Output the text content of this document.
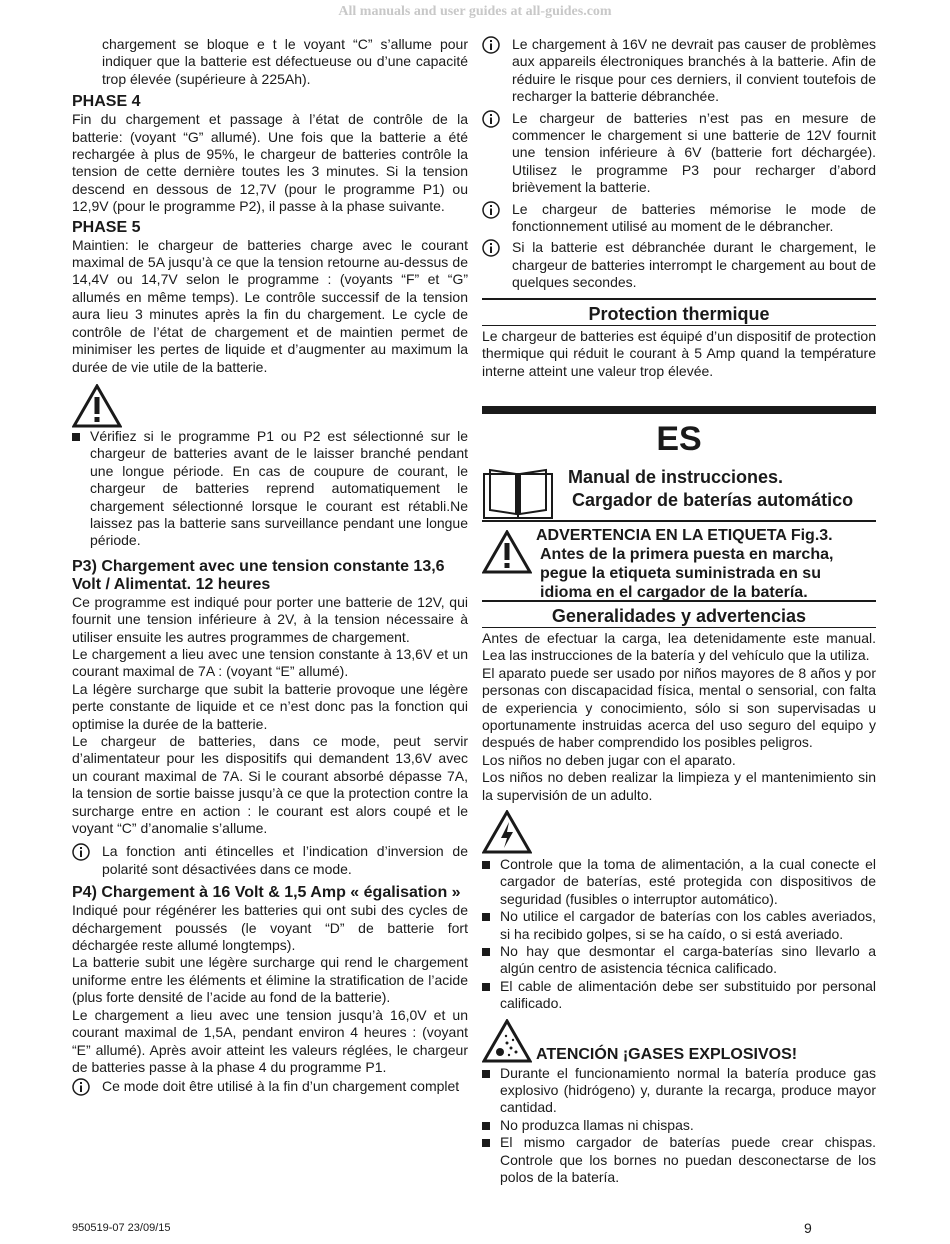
All manuals and user guides at all-guides.com

chargement se bloque e t le voyant “C” s’allume pour indiquer que la batterie est défectueuse ou d’une capacité trop élevée (supérieure à 225Ah).

PHASE 4

Fin du chargement et passage à l’état de contrôle de la batterie: (voyant “G” allumé). Une fois que la batterie a été rechargée à plus de 95%, le chargeur de batteries contrôle la tension de cette dernière toutes les 3 minutes. Si la tension descend en dessous de 12,7V (pour le programme P1) ou 12,9V (pour le programme P2), il passe à la phase suivante.

PHASE 5

Maintien: le chargeur de batteries charge avec le courant maximal de 5A jusqu’à ce que la tension retourne au-dessus de 14,4V ou 14,7V selon le programme : (voyants “F” et “G” allumés en même temps). Le contrôle successif de la tension aura lieu 3 minutes après la fin du chargement. Le cycle de contrôle de l’état de chargement et de maintien permet de minimiser les pertes de liquide et d’augmenter au maximum la durée de vie utile de la batterie.

Vérifiez si le programme P1 ou P2 est sélectionné sur le chargeur de batteries avant de le laisser branché pendant une longue période. En cas de coupure de courant, le chargeur de batteries reprend automatiquement le chargement sélectionné lorsque le courant est rétabli.Ne laissez pas la batterie sans surveillance pendant une longue période.

P3) Chargement avec une tension constante 13,6 Volt / Alimentat. 12 heures

Ce programme est indiqué pour porter une batterie de 12V, qui fournit une tension inférieure à 2V, à la tension nécessaire à utiliser ensuite les autres programmes de chargement.

Le chargement a lieu avec une tension constante à 13,6V et un courant maximal de 7A : (voyant “E” allumé).

La légère surcharge que subit la batterie provoque une légère perte constante de liquide et ce n’est donc pas la fonction qui optimise la durée de la batterie.

Le chargeur de batteries, dans ce mode, peut servir d’alimentateur pour les dispositifs qui demandent 13,6V avec un courant maximal de 7A. Si le courant absorbé dépasse 7A, la tension de sortie baisse jusqu’à ce que la protection contre la surcharge entre en action : le courant est alors coupé et le voyant “C” d’anomalie s’allume.

La fonction anti étincelles et l’indication d’inversion de polarité sont désactivées dans ce mode.

P4) Chargement à 16 Volt & 1,5 Amp « égalisation »

Indiqué pour régénérer les batteries qui ont subi des cycles de déchargement poussés (le voyant “D” de batterie fort déchargée reste allumé longtemps).

La batterie subit une légère surcharge qui rend le chargement uniforme entre les éléments et élimine la stratification de l’acide (plus forte densité de l’acide au fond de la batterie).

Le chargement a lieu avec une tension jusqu’à 16,0V et un courant maximal de 1,5A, pendant environ 4 heures : (voyant “E” allumé). Après avoir atteint les valeurs réglées, le chargeur de batteries passe à la phase 4 du programme P1.

Ce mode doit être utilisé à la fin d’un chargement complet

Le chargement à 16V ne devrait pas causer de problèmes aux appareils électroniques branchés à la batterie. Afin de réduire le risque pour ces derniers, il convient toutefois de recharger la batterie débranchée.

Le chargeur de batteries n’est pas en mesure de commencer le chargement si une batterie de 12V fournit une tension inférieure à 6V (batterie fort déchargée). Utilisez le programme P3 pour recharger d’abord brièvement la batterie.

Le chargeur de batteries mémorise le mode de fonctionnement utilisé au moment de le débrancher.

Si la batterie est débranchée durant le chargement, le chargeur de batteries interrompt le chargement au bout de quelques secondes.

Protection thermique

Le chargeur de batteries est équipé d’un dispositif de protection thermique qui réduit le courant à 5 Amp quand la température interne atteint une valeur trop élevée.

ES
Manual de instrucciones.
Cargador de baterías automático
ADVERTENCIA EN LA ETIQUETA Fig.3.
Antes de la primera puesta en marcha, pegue la etiqueta suministrada en su idioma en el cargador de la batería.
Generalidades y advertencias

Antes de efectuar la carga, lea detenidamente este manual. Lea las instrucciones de la batería y del vehículo que la utiliza.

El aparato puede ser usado por niños mayores de 8 años y por personas con discapacidad física, mental o sensorial, con falta de experiencia y conocimiento, sólo si son supervisadas u oportunamente instruidas acerca del uso seguro del equipo y después de haber comprendido los posibles peligros.

Los niños no deben jugar con el aparato.

Los niños no deben realizar la limpieza y el mantenimiento sin la supervisión de un adulto.

Controle que la toma de alimentación, a la cual conecte el cargador de baterías, esté protegida con dispositivos de seguridad (fusibles o interruptor automático).

No utilice el cargador de baterías con los cables averiados, si ha recibido golpes, si se ha caído, o si está averiado.

No hay que desmontar el carga-baterías sino llevarlo a algún centro de asistencia técnica calificado.

El cable de alimentación debe ser substituido por personal calificado.

ATENCIÓN ¡GASES EXPLOSIVOS!

Durante el funcionamiento normal la batería produce gas explosivo (hidrógeno) y, durante la recarga, produce mayor cantidad.

No produzca llamas ni chispas.

El mismo cargador de baterías puede crear chispas. Controle que los bornes no puedan desconectarse de los polos de la batería.

950519-07 23/09/15	9
